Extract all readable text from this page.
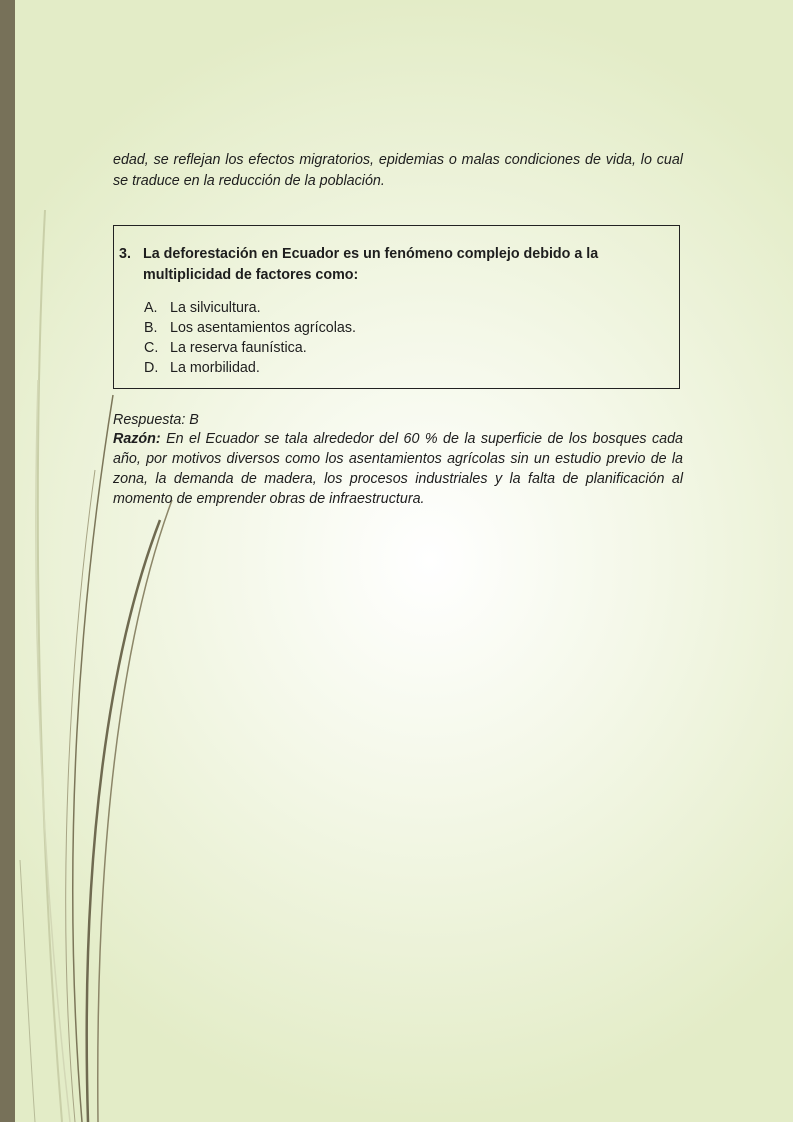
edad, se reflejan los efectos migratorios, epidemias o malas condiciones de vida, lo cual se traduce en la reducción de la población.

3. La deforestación en Ecuador es un fenómeno complejo debido a la multiplicidad de factores como:
A. La silvicultura.
B. Los asentamientos agrícolas.
C. La reserva faunística.
D. La morbilidad.

Respuesta: B

Razón: En el Ecuador se tala alrededor del 60 % de la superficie de los bosques cada año, por motivos diversos como los asentamientos agrícolas sin un estudio previo de la zona, la demanda de madera, los procesos industriales y la falta de planificación al momento de emprender obras de infraestructura.
